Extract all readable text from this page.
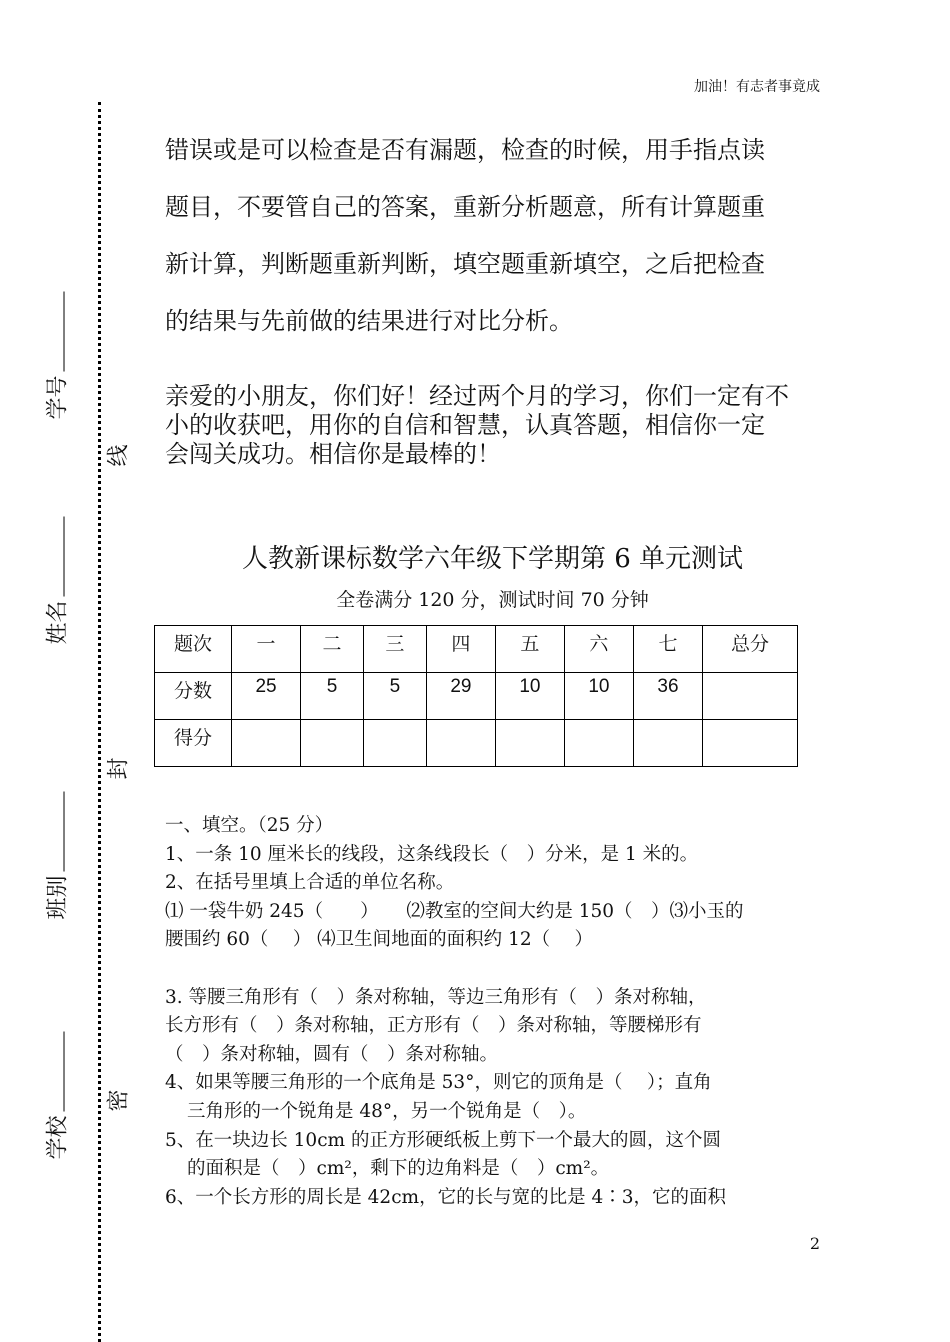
加油！有志者事竟成
学号
姓名
班别
学校
线
封
密
错误或是可以检查是否有漏题，检查的时候，用手指点读
题目，不要管自己的答案，重新分析题意，所有计算题重
新计算，判断题重新判断，填空题重新填空，之后把检查
的结果与先前做的结果进行对比分析。
亲爱的小朋友，你们好！经过两个月的学习，你们一定有不
小的收获吧，用你的自信和智慧，认真答题，相信你一定
会闯关成功。相信你是最棒的！
人教新课标数学六年级下学期第 6 单元测试
全卷满分 120 分，测试时间 70 分钟
题次	一	二	三	四	五	六	七	总分
分数	25	5	5	29	10	10	36	
得分								
一、填空。（25 分）
1、一条 10 厘米长的线段，这条线段长（　）分米，是 1 米的。
2、在括号里填上合适的单位名称。
⑴ 一袋牛奶 245（　　）　　⑵教室的空间大约是 150（　）⑶小玉的
腰围约 60（　 ） ⑷卫生间地面的面积约 12（　 ）
3. 等腰三角形有（　）条对称轴，等边三角形有（　）条对称轴，
长方形有（　）条对称轴，正方形有（　）条对称轴，等腰梯形有
（　）条对称轴，圆有（　）条对称轴。
4、如果等腰三角形的一个底角是 53°，则它的顶角是（　 ）；直角
三角形的一个锐角是 48°，另一个锐角是（　）。
5、在一块边长 10cm 的正方形硬纸板上剪下一个最大的圆，这个圆
的面积是（　）cm²，剩下的边角料是（　）cm²。
6、一个长方形的周长是 42cm，它的长与宽的比是 4∶3，它的面积
2
